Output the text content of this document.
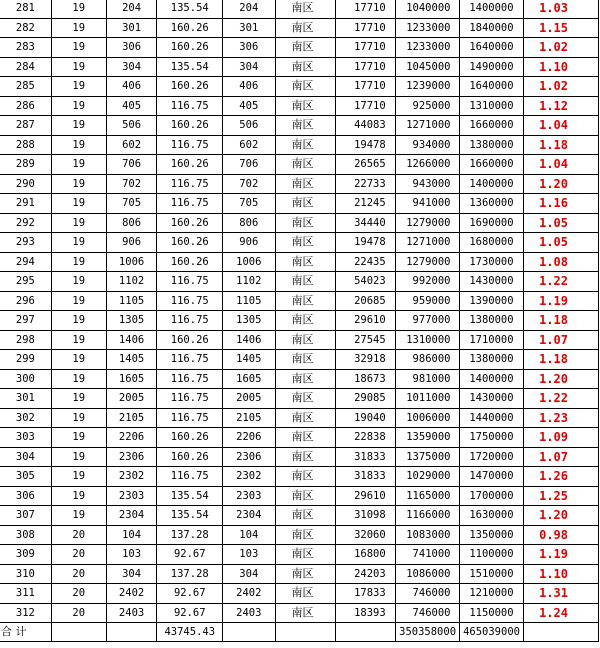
281	19	204	135.54	204	南区	17710	1040000	1400000	1.03
282	19	301	160.26	301	南区	17710	1233000	1840000	1.15
283	19	306	160.26	306	南区	17710	1233000	1640000	1.02
284	19	304	135.54	304	南区	17710	1045000	1490000	1.10
285	19	406	160.26	406	南区	17710	1239000	1640000	1.02
286	19	405	116.75	405	南区	17710	925000	1310000	1.12
287	19	506	160.26	506	南区	44083	1271000	1660000	1.04
288	19	602	116.75	602	南区	19478	934000	1380000	1.18
289	19	706	160.26	706	南区	26565	1266000	1660000	1.04
290	19	702	116.75	702	南区	22733	943000	1400000	1.20
291	19	705	116.75	705	南区	21245	941000	1360000	1.16
292	19	806	160.26	806	南区	34440	1279000	1690000	1.05
293	19	906	160.26	906	南区	19478	1271000	1680000	1.05
294	19	1006	160.26	1006	南区	22435	1279000	1730000	1.08
295	19	1102	116.75	1102	南区	54023	992000	1430000	1.22
296	19	1105	116.75	1105	南区	20685	959000	1390000	1.19
297	19	1305	116.75	1305	南区	29610	977000	1380000	1.18
298	19	1406	160.26	1406	南区	27545	1310000	1710000	1.07
299	19	1405	116.75	1405	南区	32918	986000	1380000	1.18
300	19	1605	116.75	1605	南区	18673	981000	1400000	1.20
301	19	2005	116.75	2005	南区	29085	1011000	1430000	1.22
302	19	2105	116.75	2105	南区	19040	1006000	1440000	1.23
303	19	2206	160.26	2206	南区	22838	1359000	1750000	1.09
304	19	2306	160.26	2306	南区	31833	1375000	1720000	1.07
305	19	2302	116.75	2302	南区	31833	1029000	1470000	1.26
306	19	2303	135.54	2303	南区	29610	1165000	1700000	1.25
307	19	2304	135.54	2304	南区	31098	1166000	1630000	1.20
308	20	104	137.28	104	南区	32060	1083000	1350000	0.98
309	20	103	92.67	103	南区	16800	741000	1100000	1.19
310	20	304	137.28	304	南区	24203	1086000	1510000	1.10
311	20	2402	92.67	2402	南区	17833	746000	1210000	1.31
312	20	2403	92.67	2403	南区	18393	746000	1150000	1.24
合 计			43745.43				350358000	465039000	
